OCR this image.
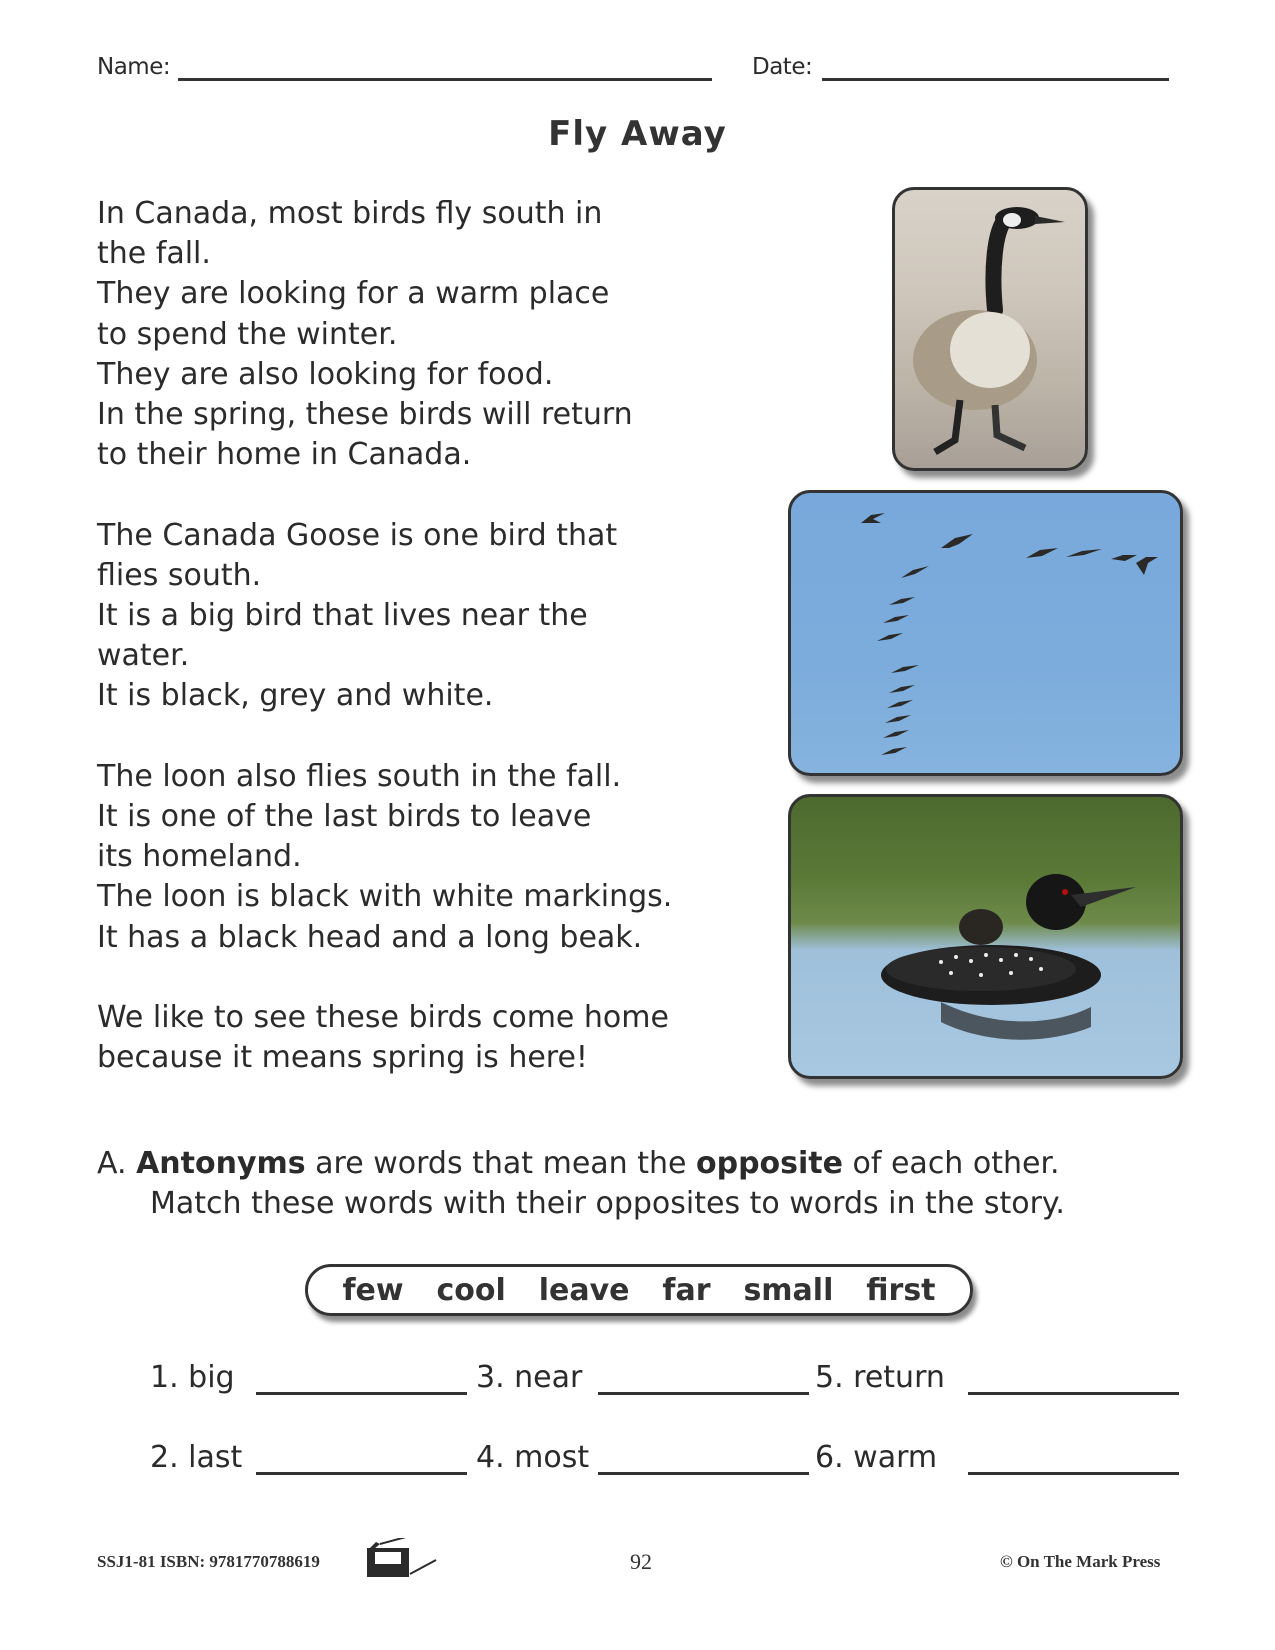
Name:	Date:
Fly Away

In Canada, most birds fly south in
the fall.
They are looking for a warm place
to spend the winter.
They are also looking for food.
In the spring, these birds will return
to their home in Canada.

The Canada Goose is one bird that
flies south.
It is a big bird that lives near the
water.
It is black, grey and white.

The loon also flies south in the fall.
It is one of the last birds to leave
its homeland.
The loon is black with white markings.
It has a black head and a long beak.

We like to see these birds come home
because it means spring is here!

A. Antonyms are words that mean the opposite of each other.
Match these words with their opposites to words in the story.
few cool leave far small first
1. big	3. near	5. return
2. last	4. most	6. warm
SSJ1-81 ISBN: 9781770788619	92	© On The Mark Press
